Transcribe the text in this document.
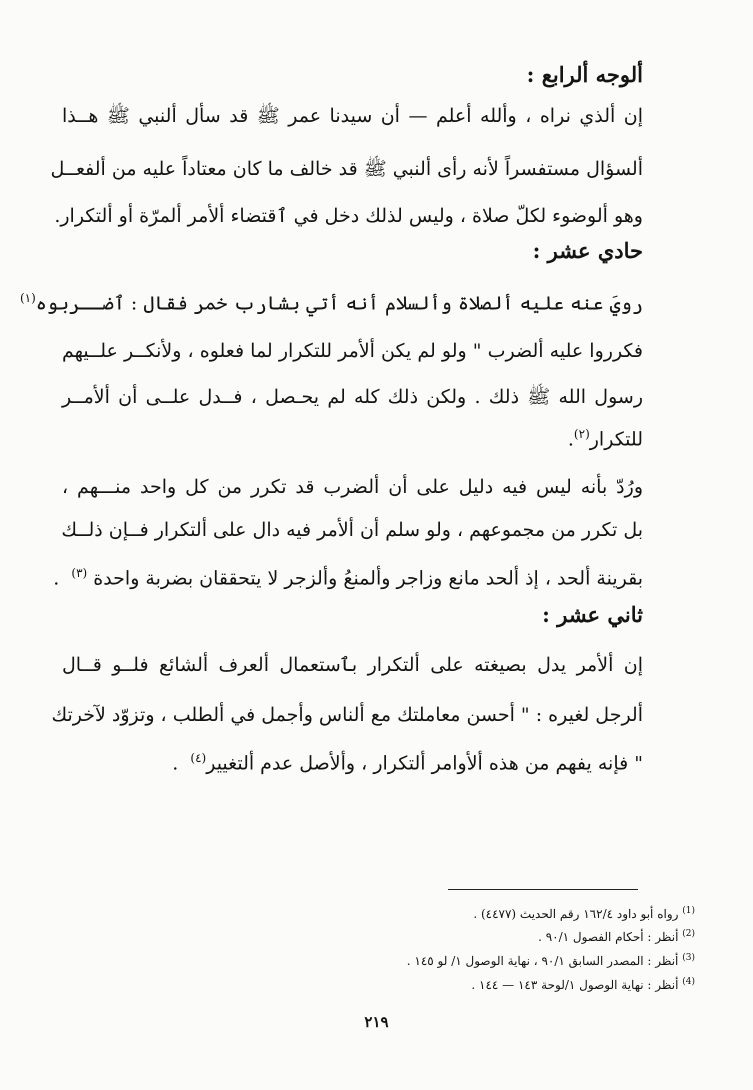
ألوجه ألرابع :
إن ألذي نراه ، وألله أعلم — أن سيدنا عمر ﷺ قد سأل ألنبي ﷺ هــذا
ألسؤال مستفسراً لأنه رأى ألنبي ﷺ قد خالف ما كان معتاداً عليه من ألفعــل
وهو ألوضوء لكلّ صلاة ، وليس لذلك دخل في ٱقتضاء ألأمر ألمرّة أو ألتكرار.
حادي عشر :
رويَ عنه عليه ألصلاة وألسلام أنه أتي بشارب خمر فقال : ٱضــربوه$^{(١)}$
فكرروا عليه ألضرب " ولو لم يكن ألأمر للتكرار لما فعلوه ، ولأنكــر علــيهم
رسول الله ﷺ ذلك . ولكن ذلك كله لم يحـصل ، فــدل علــى أن ألأمــر
للتكرار$^{(٢)}$.
ورُدّ بأنه ليس فيه دليل على أن ألضرب قد تكرر من كل واحد منـــهم ،
بل تكرر من مجموعهم ، ولو سلم أن ألأمر فيه دال على ألتكرار فــإن ذلــك
بقرينة ألحد ، إذ ألحد مانع وزاجر وألمنعُ وألزجر لا يتحققان بضربة واحدة $^{(٣)}$  .
ثاني عشر :
إن ألأمر يدل بصيغته على ألتكرار بٱستعمال ألعرف ألشائع فلــو قــال
ألرجل لغيره : " أحسن معاملتك مع ألناس وأجمل في ألطلب ، وتزوّد لآخرتك
" فإنه يفهم من هذه ألأوامر ألتكرار ، وألأصل عدم ألتغيير$^{(٤)}$  .
$^{(1)}$ رواه أبو داود ١٦٢/٤ رقم الحديث (٤٤٧٧) .
$^{(2)}$ أنظر : أحكام الفصول ٩٠/١ .
$^{(3)}$ أنظر : المصدر السابق ٩٠/١ ، نهاية الوصول ١/ لو ١٤٥ .
$^{(4)}$ أنظر : نهاية الوصول ١/لوحة ١٤٣ — ١٤٤ .
٢١٩
